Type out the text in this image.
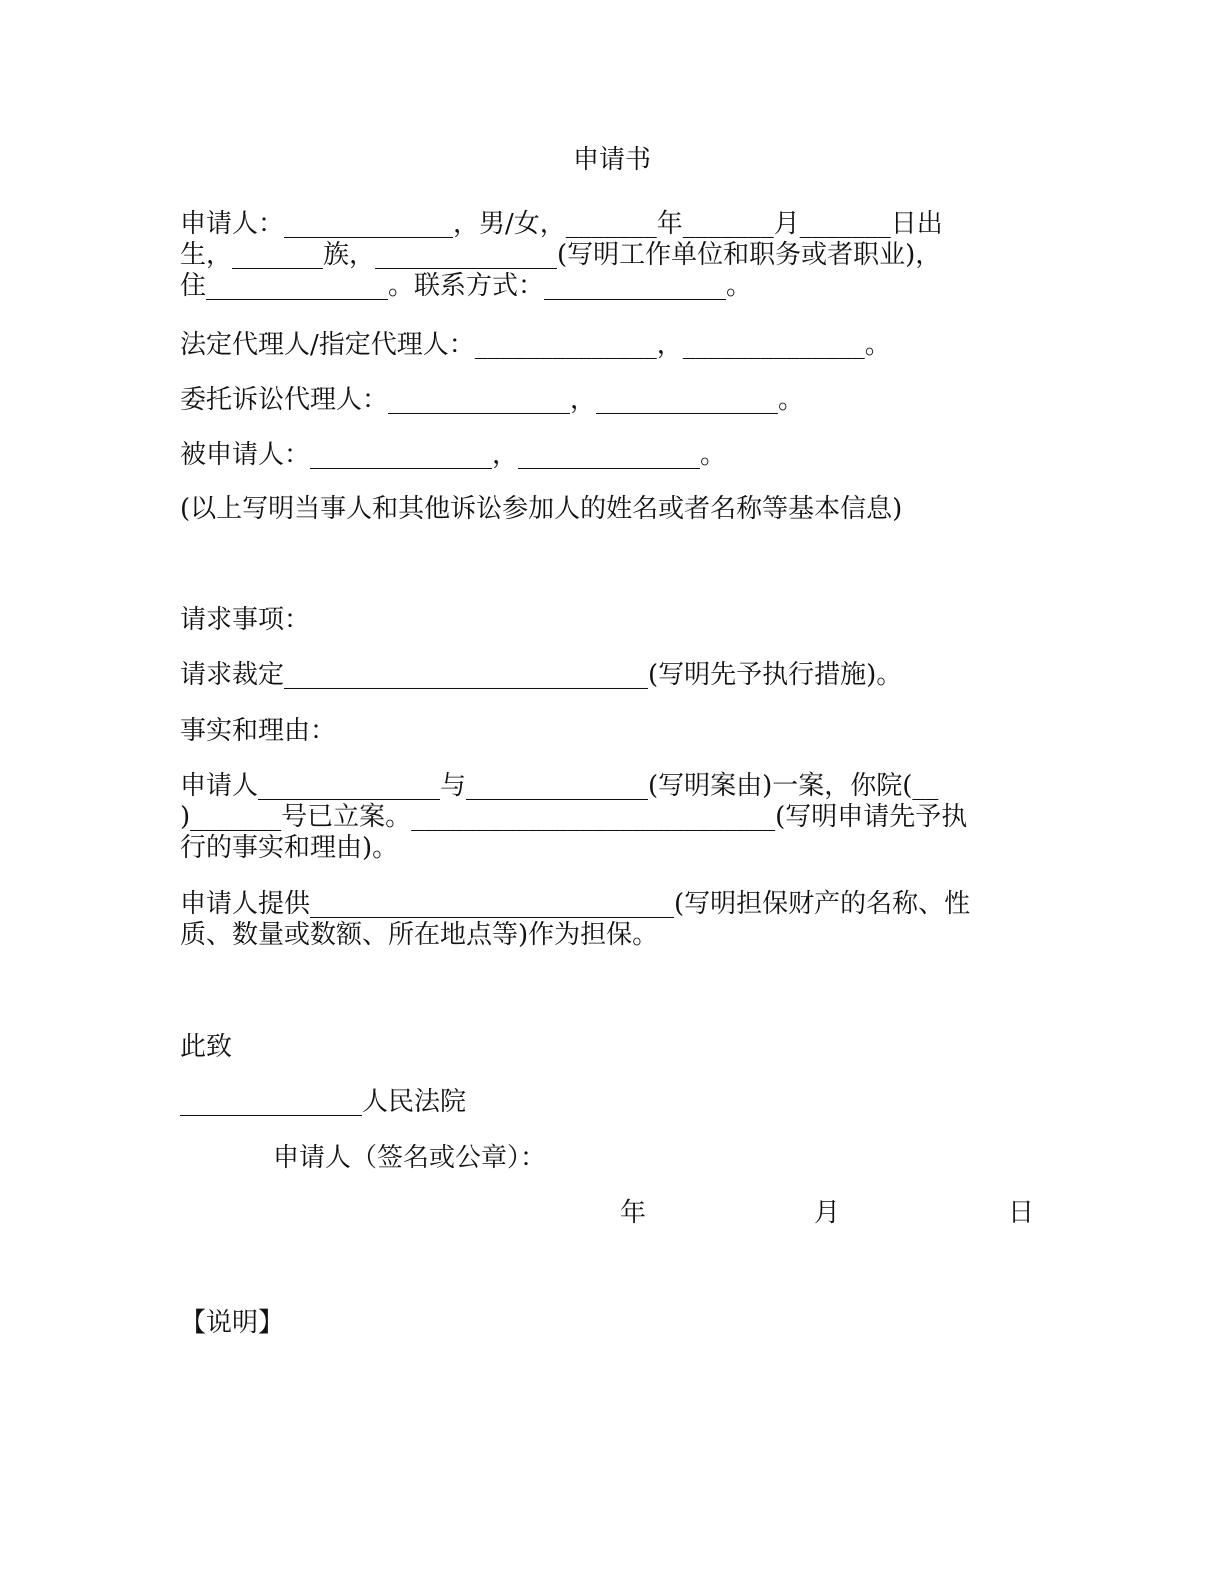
申请书
申请人：_____________，男/女，_______年_______月_______日出
生，_______族，______________(写明工作单位和职务或者职业)，
住______________。联系方式：______________。
法定代理人/指定代理人：______________，______________。
委托诉讼代理人：______________，______________。
被申请人：______________，______________。
(以上写明当事人和其他诉讼参加人的姓名或者名称等基本信息)
请求事项：
请求裁定____________________________(写明先予执行措施)。
事实和理由：
申请人______________与______________(写明案由)一案，你院(__
)_______号已立案。____________________________(写明申请先予执
行的事实和理由)。
申请人提供____________________________(写明担保财产的名称、性
质、数量或数额、所在地点等)作为担保。
此致
______________人民法院
申请人（签名或公章）：
年	月	日
【说明】
